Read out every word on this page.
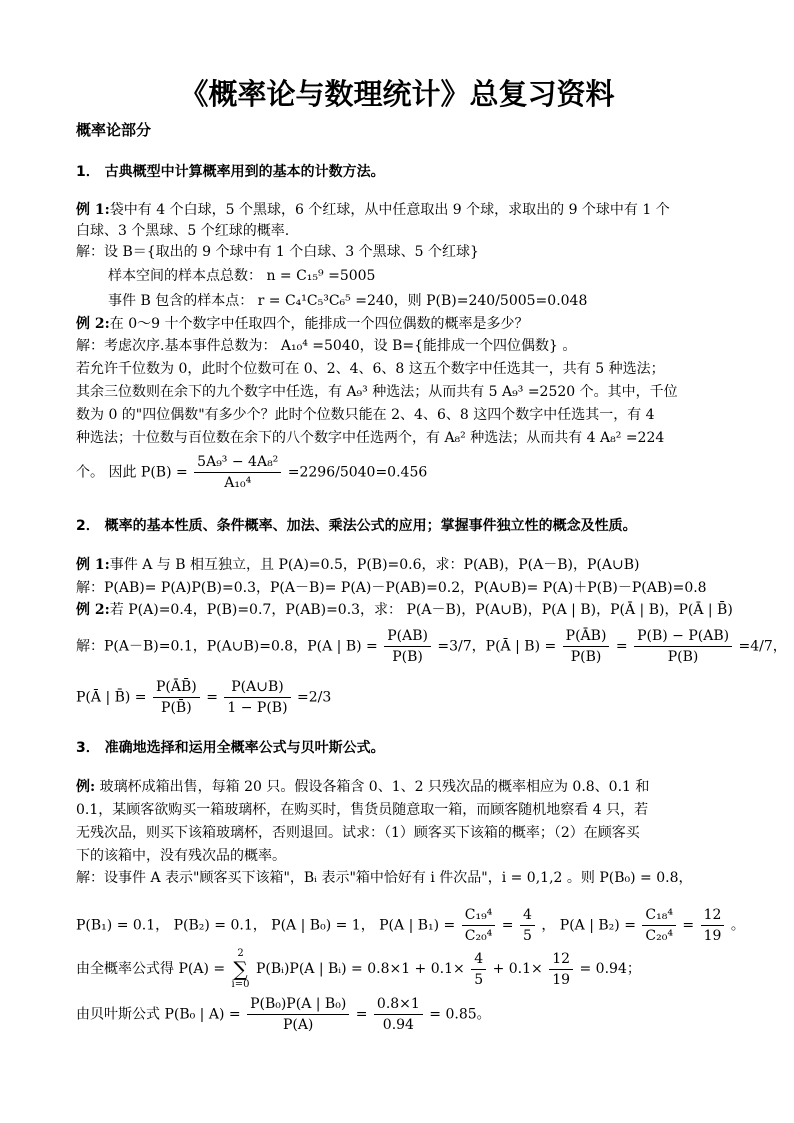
《概率论与数理统计》总复习资料
概率论部分
1． 古典概型中计算概率用到的基本的计数方法。
例 1:袋中有 4 个白球，5 个黑球，6 个红球，从中任意取出 9 个球，求取出的 9 个球中有 1 个
白球、3 个黑球、5 个红球的概率.
解：设 B＝{取出的 9 个球中有 1 个白球、3 个黑球、5 个红球}
样本空间的样本点总数： n = C₁₅⁹ =5005
事件 B 包含的样本点： r = C₄¹C₅³C₆⁵ =240，则 P(B)=240/5005=0.048
例 2:在 0～9 十个数字中任取四个，能排成一个四位偶数的概率是多少？
解：考虑次序.基本事件总数为： A₁₀⁴ =5040，设 B={能排成一个四位偶数} 。
若允许千位数为 0，此时个位数可在 0、2、4、6、8 这五个数字中任选其一，共有 5 种选法；
其余三位数则在余下的九个数字中任选，有 A₉³ 种选法；从而共有 5 A₉³ =2520 个。其中，千位
数为 0 的"四位偶数"有多少个？此时个位数只能在 2、4、6、8 这四个数字中任选其一，有 4
种选法；十位数与百位数在余下的八个数字中任选两个，有 A₈² 种选法；从而共有 4 A₈² =224
个。 因此 $P(B) = \frac{\text{5A₉³ − 4A₈²}}{\text{A₁₀⁴}} =2296/5040=0.456$
2． 概率的基本性质、条件概率、加法、乘法公式的应用；掌握事件独立性的概念及性质。
例 1:事件 A 与 B 相互独立，且 P(A)=0.5，P(B)=0.6，求：P(AB)，P(A－B)，P(A∪B)
解：P(AB)= P(A)P(B)=0.3，P(A－B)= P(A)－P(AB)=0.2，P(A∪B)= P(A)＋P(B)－P(AB)=0.8
例 2:若 P(A)=0.4，P(B)=0.7，P(AB)=0.3，求： P(A－B)，P(A∪B)，P(A | B)，P(Ā | B)，P(Ā | B̄)
解：P(A－B)=0.1，P(A∪B)=0.8，P(A | $B) = \frac{P(AB)}{P(B)} =3/7$，P(Ā | $B) = \frac{P(ĀB)}{P(B)} = \frac{P(B) - P(AB)}{P(B)} =4/7$，
P(Ā | B̄) = $\frac{P(ĀB̄)}{P(B̄)} = \frac{P(A\cup B)}{1 - P(B)} =2/3$
3． 准确地选择和运用全概率公式与贝叶斯公式。
例: 玻璃杯成箱出售，每箱 20 只。假设各箱含 0、1、2 只残次品的概率相应为 0.8、0.1 和
0.1，某顾客欲购买一箱玻璃杯，在购买时，售货员随意取一箱，而顾客随机地察看 4 只，若
无残次品，则买下该箱玻璃杯，否则退回。试求：（1）顾客买下该箱的概率；（2）在顾客买
下的该箱中，没有残次品的概率。
解：设事件 A 表示"顾客买下该箱"，Bᵢ 表示"箱中恰好有 i 件次品"，i = 0,1,2 。则 P(B₀) = 0.8，
P(B₁) = 0.1， P(B₂) = 0.1， P(A | B₀) = 1， P(A | $B_1) = \frac{\text{C₁₉⁴}}{\text{C₂₀⁴}} = \frac{4}{5}$ ， P(A | $B_2) = \frac{\text{C₁₈⁴}}{\text{C₂₀⁴}} = \frac{12}{19}$ 。
由全概率公式得 P(A) =
2
∑
i=0
P(Bᵢ)P(A | Bᵢ) = $0.8\times 1 + 0.1\times \frac{4}{5} + 0.1\times \frac{12}{19} = 0.94$；
由贝叶斯公式 P(B₀ | $A) = \frac{\text{P(B₀)P(A | B₀)}}{P(A)} = \frac{0.8\times 1}{0.94} = 0.85$。
